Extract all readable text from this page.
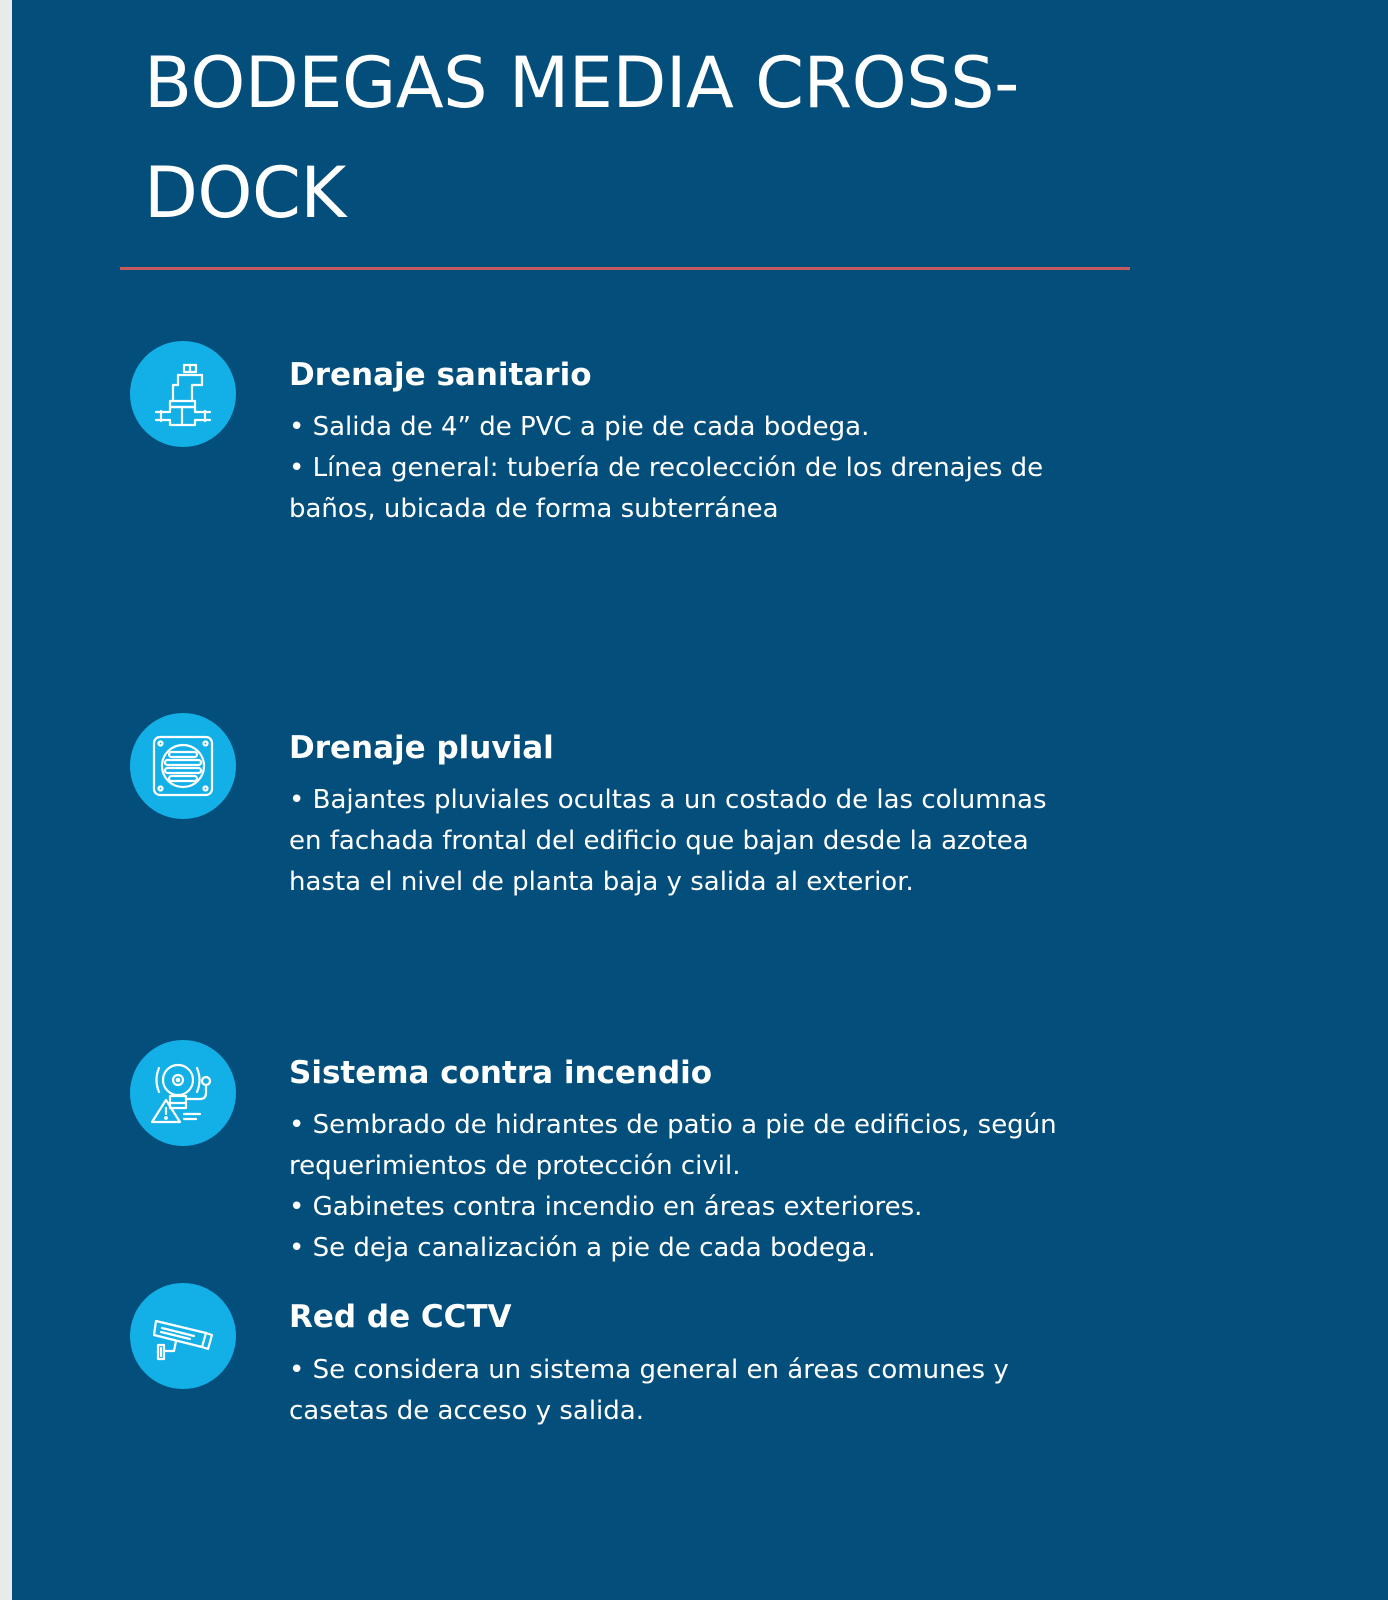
BODEGAS MEDIA CROSS-DOCK
Drenaje sanitario
• Salida de 4” de PVC a pie de cada bodega.
• Línea general: tubería de recolección de los drenajes de baños, ubicada de forma subterránea
Drenaje pluvial
• Bajantes pluviales ocultas a un costado de las columnas en fachada frontal del edificio que bajan desde la azotea hasta el nivel de planta baja y salida al exterior.
Sistema contra incendio
• Sembrado de hidrantes de patio a pie de edificios, según requerimientos de protección civil.
• Gabinetes contra incendio en áreas exteriores.
• Se deja canalización a pie de cada bodega.
Red de CCTV
• Se considera un sistema general en áreas comunes y casetas de acceso y salida.
